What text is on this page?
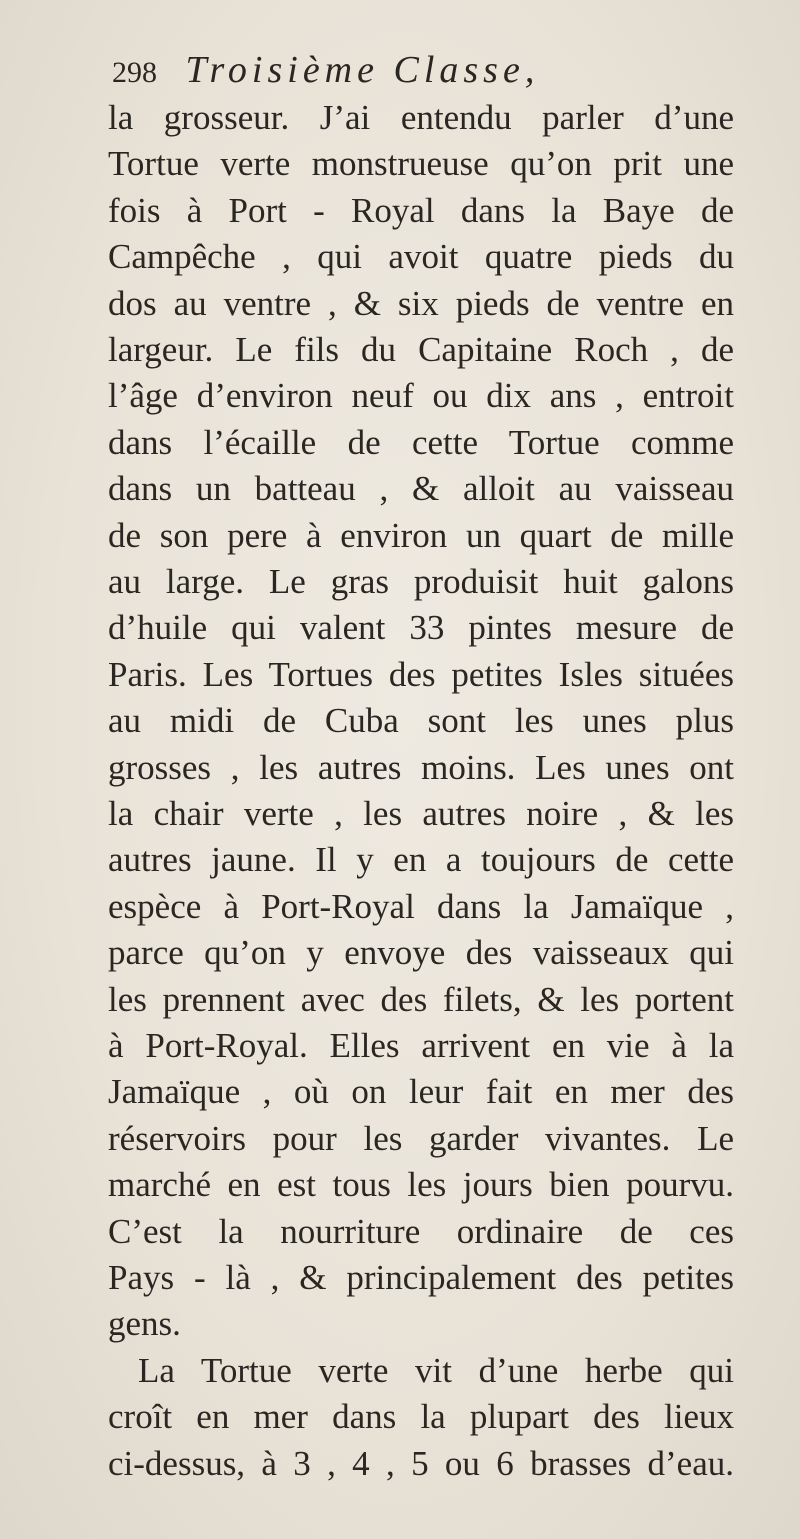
298 Troisième Classe,
la grosseur. J’ai entendu parler d’une
Tortue verte monstrueuse qu’on prit une
fois à Port - Royal dans la Baye de
Campêche , qui avoit quatre pieds du
dos au ventre , & six pieds de ventre en
largeur. Le fils du Capitaine Roch , de
l’âge d’environ neuf ou dix ans , entroit
dans l’écaille de cette Tortue comme
dans un batteau , & alloit au vaisseau
de son pere à environ un quart de mille
au large. Le gras produisit huit galons
d’huile qui valent 33 pintes mesure de
Paris. Les Tortues des petites Isles situées
au midi de Cuba sont les unes plus
grosses , les autres moins. Les unes ont
la chair verte , les autres noire , & les
autres jaune. Il y en a toujours de cette
espèce à Port-Royal dans la Jamaïque ,
parce qu’on y envoye des vaisseaux qui
les prennent avec des filets, & les portent
à Port-Royal. Elles arrivent en vie à la
Jamaïque , où on leur fait en mer des
réservoirs pour les garder vivantes. Le
marché en est tous les jours bien pourvu.
C’est la nourriture ordinaire de ces
Pays - là , & principalement des petites
gens.
La Tortue verte vit d’une herbe qui
croît en mer dans la plupart des lieux
ci-dessus, à 3 , 4 , 5 ou 6 brasses d’eau.
